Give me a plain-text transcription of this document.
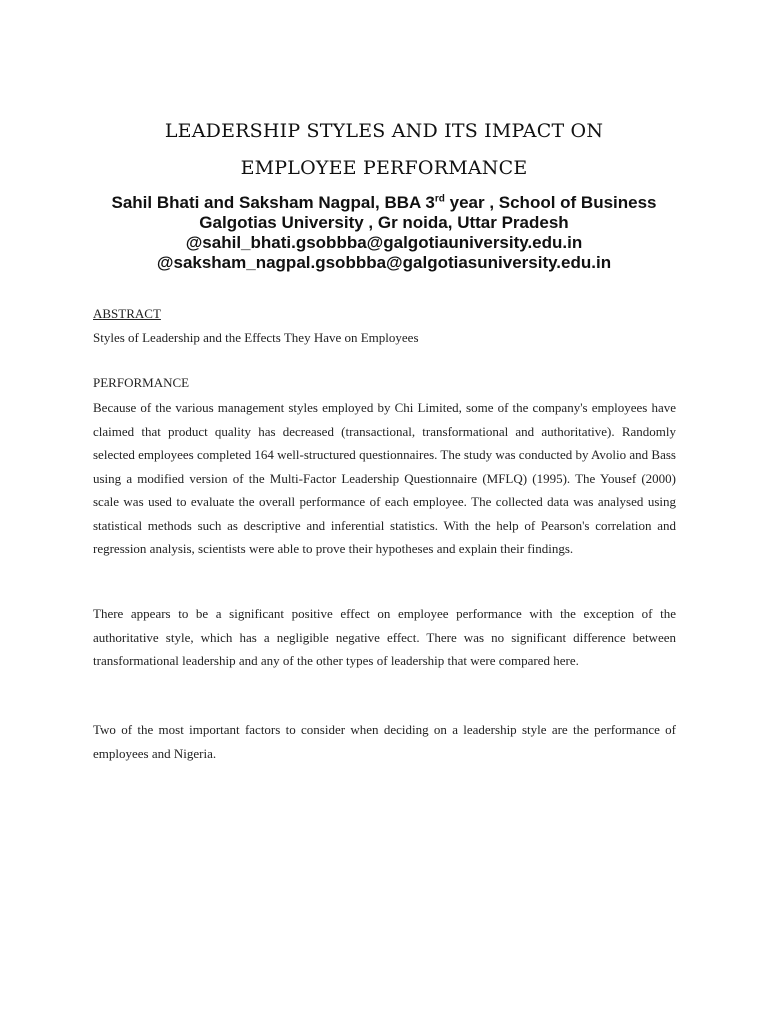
LEADERSHIP STYLES AND ITS IMPACT ON
EMPLOYEE PERFORMANCE
Sahil Bhati and Saksham Nagpal, BBA 3rd year , School of Business
Galgotias University , Gr noida, Uttar Pradesh
@sahil_bhati.gsobbba@galgotiauniversity.edu.in
@saksham_nagpal.gsobbba@galgotiasuniversity.edu.in
ABSTRACT
Styles of Leadership and the Effects They Have on Employees
PERFORMANCE
Because of the various management styles employed by Chi Limited, some of the company's employees have claimed that product quality has decreased (transactional, transformational and authoritative). Randomly selected employees completed 164 well-structured questionnaires. The study was conducted by Avolio and Bass using a modified version of the Multi-Factor Leadership Questionnaire (MFLQ) (1995). The Yousef (2000) scale was used to evaluate the overall performance of each employee. The collected data was analysed using statistical methods such as descriptive and inferential statistics. With the help of Pearson's correlation and regression analysis, scientists were able to prove their hypotheses and explain their findings.
There appears to be a significant positive effect on employee performance with the exception of the authoritative style, which has a negligible negative effect. There was no significant difference between transformational leadership and any of the other types of leadership that were compared here.
Two of the most important factors to consider when deciding on a leadership style are the performance of employees and Nigeria.
